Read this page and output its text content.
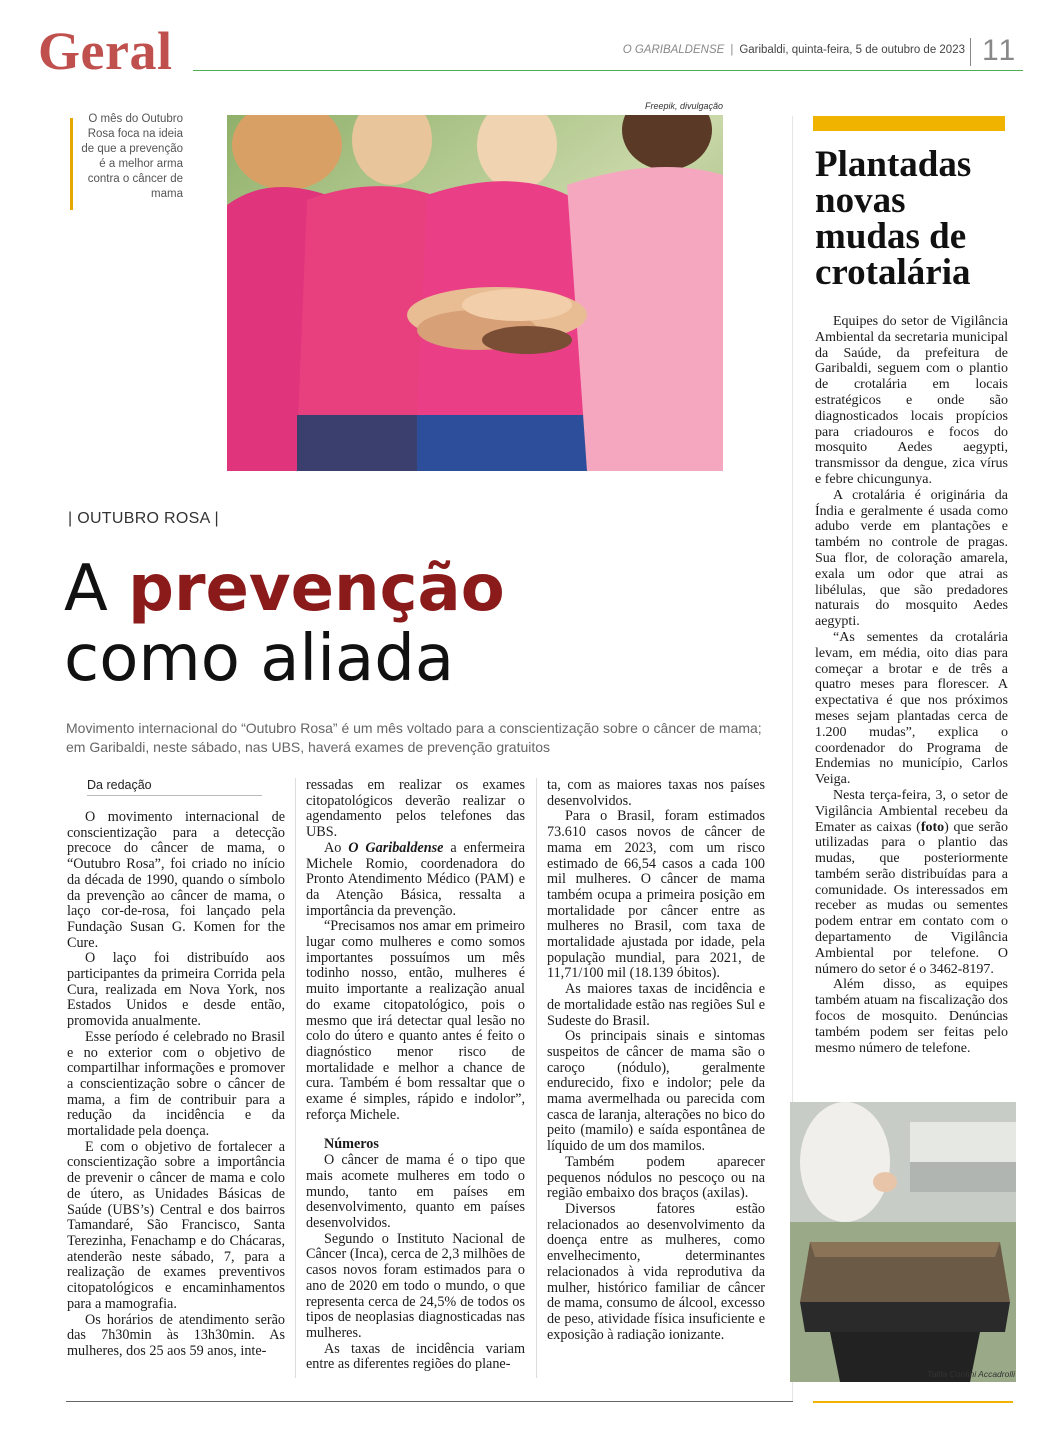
Geral	O GARIBALDENSE | Garibaldi, quinta-feira, 5 de outubro de 2023 11
O mês do Outubro Rosa foca na ideia de que a prevenção é a melhor arma contra o câncer de mama
Freepik, divulgação
| OUTUBRO ROSA |
A prevenção
como aliada
Movimento internacional do “Outubro Rosa” é um mês voltado para a conscientização sobre o câncer de mama; em Garibaldi, neste sábado, nas UBS, haverá exames de prevenção gratuitos
Da redação

O movimento internacional de conscientização para a detecção precoce do câncer de mama, o “Outubro Rosa”, foi criado no início da década de 1990, quando o símbolo da prevenção ao câncer de mama, o laço cor-de-rosa, foi lançado pela Fundação Susan G. Komen for the Cure.

O laço foi distribuído aos participantes da primeira Corrida pela Cura, realizada em Nova York, nos Estados Unidos e desde então, promovida anualmente.

Esse período é celebrado no Brasil e no exterior com o objetivo de compartilhar informações e promover a conscientização sobre o câncer de mama, a fim de contribuir para a redução da incidência e da mortalidade pela doença.

E com o objetivo de fortalecer a conscientização sobre a importância de prevenir o câncer de mama e colo de útero, as Unidades Básicas de Saúde (UBS’s) Central e dos bairros Tamandaré, São Francisco, Santa Terezinha, Fenachamp e do Chácaras, atenderão neste sábado, 7, para a realização de exames preventivos citopatológicos e encaminhamentos para a mamografia.

Os horários de atendimento serão das 7h30min às 13h30min. As mulheres, dos 25 aos 59 anos, inte-

ressadas em realizar os exames citopatológicos deverão realizar o agendamento pelos telefones das UBS.

Ao O Garibaldense a enfermeira Michele Romio, coordenadora do Pronto Atendimento Médico (PAM) e da Atenção Básica, ressalta a importância da prevenção.

“Precisamos nos amar em primeiro lugar como mulheres e como somos importantes possuímos um mês todinho nosso, então, mulheres é muito importante a realização anual do exame citopatológico, pois o mesmo que irá detectar qual lesão no colo do útero e quanto antes é feito o diagnóstico menor risco de mortalidade e melhor a chance de cura. Também é bom ressaltar que o exame é simples, rápido e indolor”, reforça Michele.

Números

O câncer de mama é o tipo que mais acomete mulheres em todo o mundo, tanto em países em desenvolvimento, quanto em países desenvolvidos.

Segundo o Instituto Nacional de Câncer (Inca), cerca de 2,3 milhões de casos novos foram estimados para o ano de 2020 em todo o mundo, o que representa cerca de 24,5% de todos os tipos de neoplasias diagnosticadas nas mulheres.

As taxas de incidência variam entre as diferentes regiões do plane-

ta, com as maiores taxas nos países desenvolvidos.

Para o Brasil, foram estimados 73.610 casos novos de câncer de mama em 2023, com um risco estimado de 66,54 casos a cada 100 mil mulheres. O câncer de mama também ocupa a primeira posição em mortalidade por câncer entre as mulheres no Brasil, com taxa de mortalidade ajustada por idade, pela população mundial, para 2021, de 11,71/100 mil (18.139 óbitos).

As maiores taxas de incidência e de mortalidade estão nas regiões Sul e Sudeste do Brasil.

Os principais sinais e sintomas suspeitos de câncer de mama são o caroço (nódulo), geralmente endurecido, fixo e indolor; pele da mama avermelhada ou parecida com casca de laranja, alterações no bico do peito (mamilo) e saída espontânea de líquido de um dos mamilos.

Também podem aparecer pequenos nódulos no pescoço ou na região embaixo dos braços (axilas).

Diversos fatores estão relacionados ao desenvolvimento da doença entre as mulheres, como envelhecimento, determinantes relacionados à vida reprodutiva da mulher, histórico familiar de câncer de mama, consumo de álcool, excesso de peso, atividade física insuficiente e exposição à radiação ionizante.

Plantadas novas mudas de crotalária

Equipes do setor de Vigilância Ambiental da secretaria municipal da Saúde, da prefeitura de Garibaldi, seguem com o plantio de crotalária em locais estratégicos e onde são diagnosticados locais propícios para criadouros e focos do mosquito Aedes aegypti, transmissor da dengue, zica vírus e febre chicungunya.

A crotalária é originária da Índia e geralmente é usada como adubo verde em plantações e também no controle de pragas. Sua flor, de coloração amarela, exala um odor que atrai as libélulas, que são predadores naturais do mosquito Aedes aegypti.

“As sementes da crotalária levam, em média, oito dias para começar a brotar e de três a quatro meses para florescer. A expectativa é que nos próximos meses sejam plantadas cerca de 1.200 mudas”, explica o coordenador do Programa de Endemias no município, Carlos Veiga.

Nesta terça-feira, 3, o setor de Vigilância Ambiental recebeu da Emater as caixas (foto) que serão utilizadas para o plantio das mudas, que posteriormente também serão distribuídas para a comunidade. Os interessados em receber as mudas ou sementes podem entrar em contato com o departamento de Vigilância Ambiental por telefone. O número do setor é o 3462-8197.

Além disso, as equipes também atuam na fiscalização dos focos de mosquito. Denúncias também podem ser feitas pelo mesmo número de telefone.

Talita Contini Accadrolli
